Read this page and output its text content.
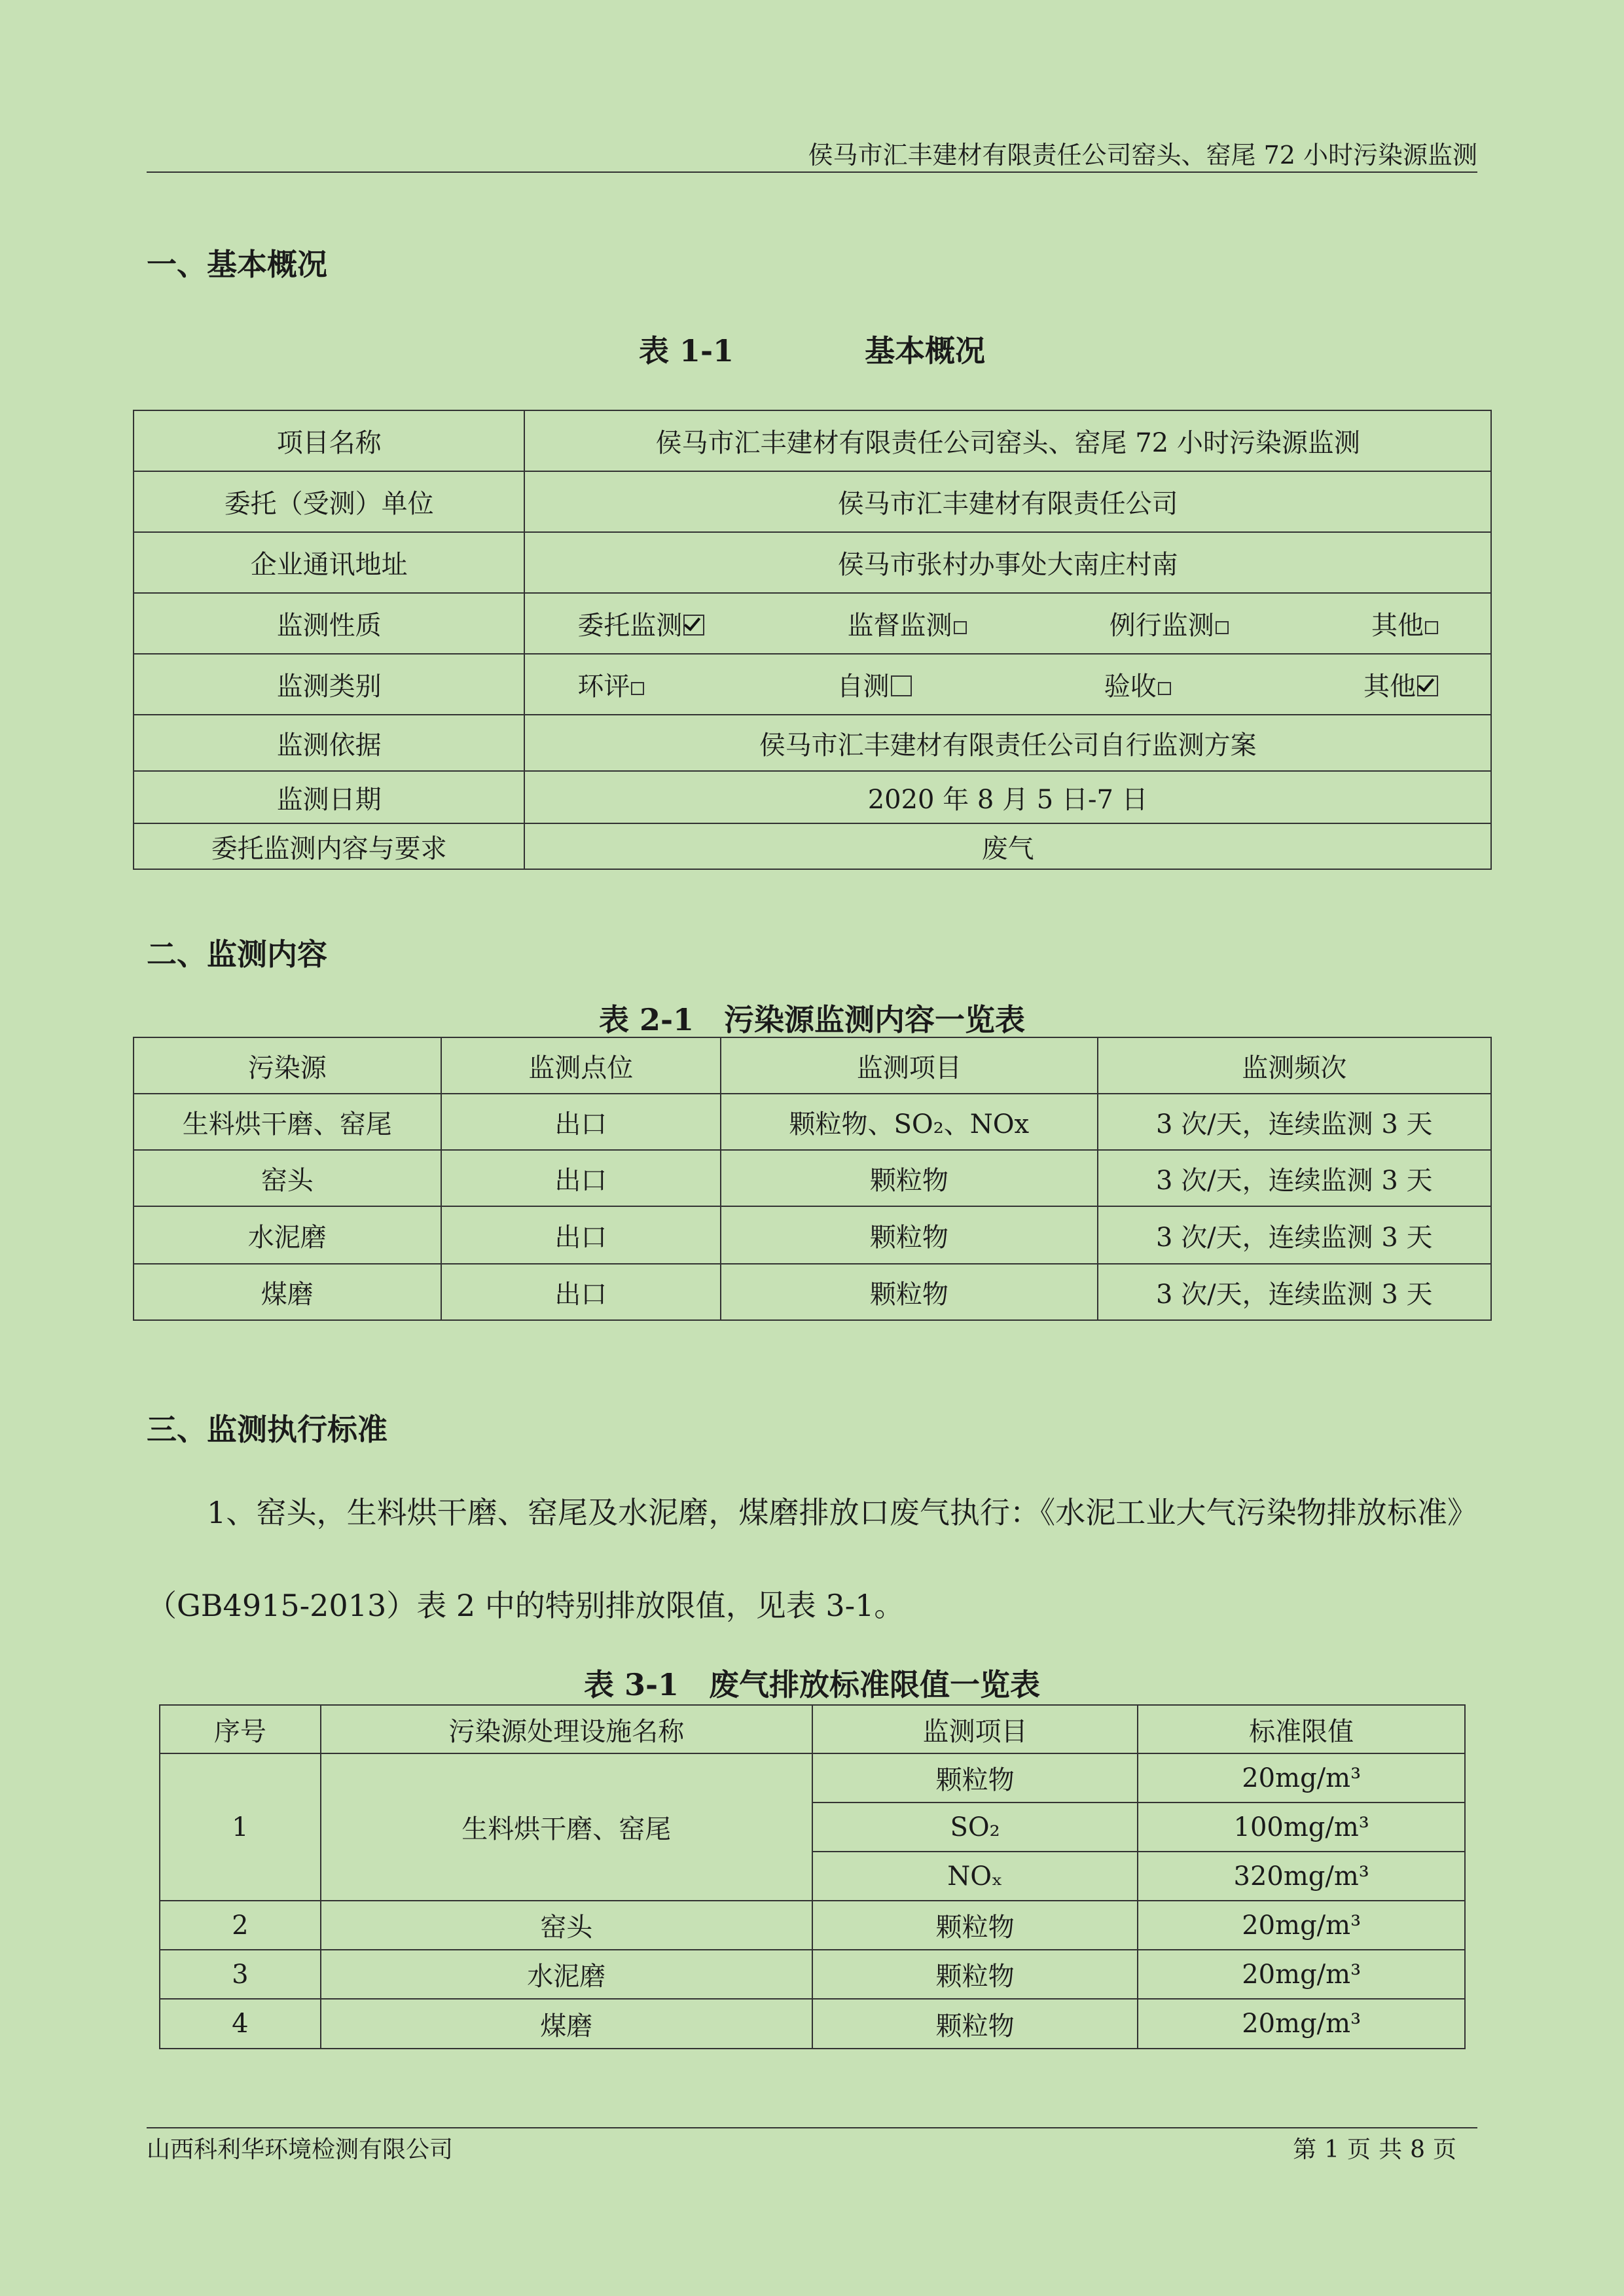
侯马市汇丰建材有限责任公司窑头、窑尾 72 小时污染源监测
一、基本概况
表 1-1	基本概况
项目名称	侯马市汇丰建材有限责任公司窑头、窑尾 72 小时污染源监测
委托（受测）单位	侯马市汇丰建材有限责任公司
企业通讯地址	侯马市张村办事处大南庄村南
监测性质	委托监测 监督监测 例行监测 其他

监测类别	环评 自测 验收 其他

监测依据	侯马市汇丰建材有限责任公司自行监测方案
监测日期	2020 年 8 月 5 日-7 日
委托监测内容与要求	废气
二、监测内容
表 2-1　污染源监测内容一览表
污染源	监测点位	监测项目	监测频次
生料烘干磨、窑尾	出口	颗粒物、SO₂、NOx	3 次/天，连续监测 3 天
窑头	出口	颗粒物	3 次/天，连续监测 3 天
水泥磨	出口	颗粒物	3 次/天，连续监测 3 天
煤磨	出口	颗粒物	3 次/天，连续监测 3 天
三、监测执行标准
1、窑头，生料烘干磨、窑尾及水泥磨，煤磨排放口废气执行：《水泥工业大气污染物排放标准》（GB4915-2013）表 2 中的特别排放限值，见表 3-1。
表 3-1　废气排放标准限值一览表
序号	污染源处理设施名称	监测项目	标准限值
1	生料烘干磨、窑尾	颗粒物	20mg/m³
		SO₂	100mg/m³
		NOₓ	320mg/m³
2	窑头	颗粒物	20mg/m³
3	水泥磨	颗粒物	20mg/m³
4	煤磨	颗粒物	20mg/m³
山西科利华环境检测有限公司	第 1 页 共 8 页
